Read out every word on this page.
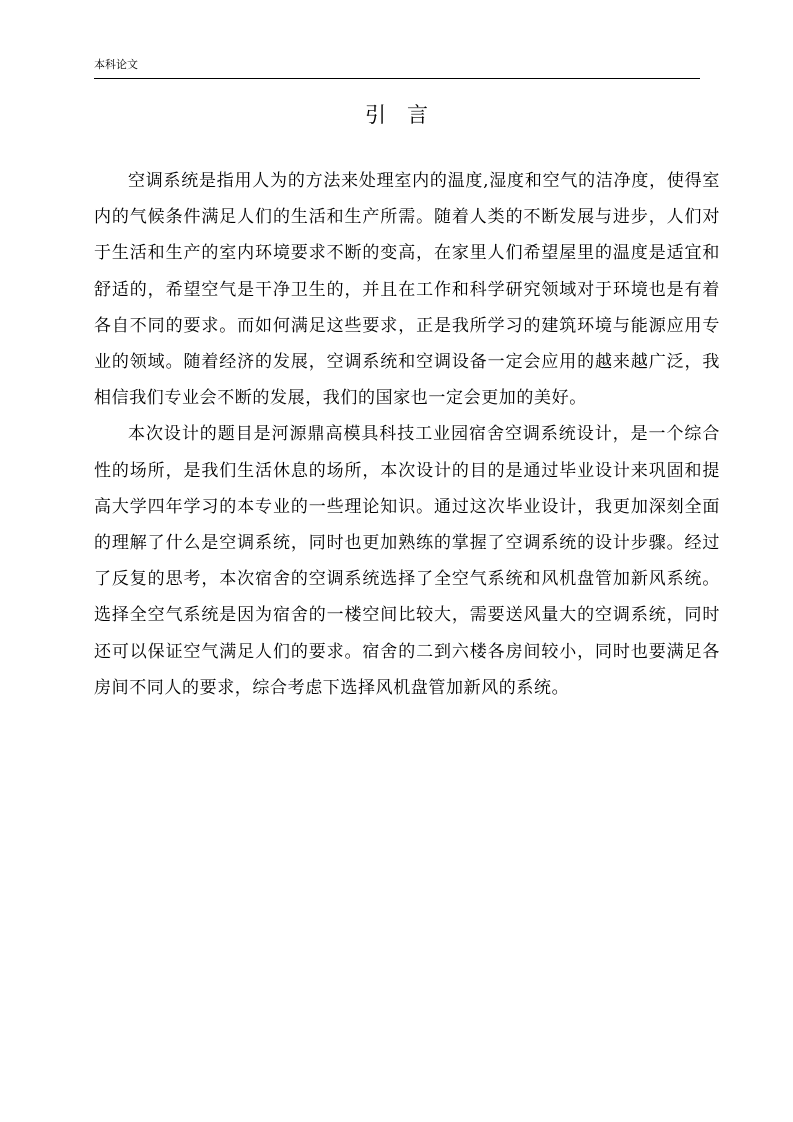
本科论文
引言

空调系统是指用人为的方法来处理室内的温度,湿度和空气的洁净度，使得室内的气候条件满足人们的生活和生产所需。随着人类的不断发展与进步，人们对于生活和生产的室内环境要求不断的变高，在家里人们希望屋里的温度是适宜和舒适的，希望空气是干净卫生的，并且在工作和科学研究领域对于环境也是有着各自不同的要求。而如何满足这些要求，正是我所学习的建筑环境与能源应用专业的领域。随着经济的发展，空调系统和空调设备一定会应用的越来越广泛，我相信我们专业会不断的发展，我们的国家也一定会更加的美好。

本次设计的题目是河源鼎高模具科技工业园宿舍空调系统设计，是一个综合性的场所，是我们生活休息的场所，本次设计的目的是通过毕业设计来巩固和提高大学四年学习的本专业的一些理论知识。通过这次毕业设计，我更加深刻全面的理解了什么是空调系统，同时也更加熟练的掌握了空调系统的设计步骤。经过了反复的思考，本次宿舍的空调系统选择了全空气系统和风机盘管加新风系统。选择全空气系统是因为宿舍的一楼空间比较大，需要送风量大的空调系统，同时还可以保证空气满足人们的要求。宿舍的二到六楼各房间较小，同时也要满足各房间不同人的要求，综合考虑下选择风机盘管加新风的系统。
